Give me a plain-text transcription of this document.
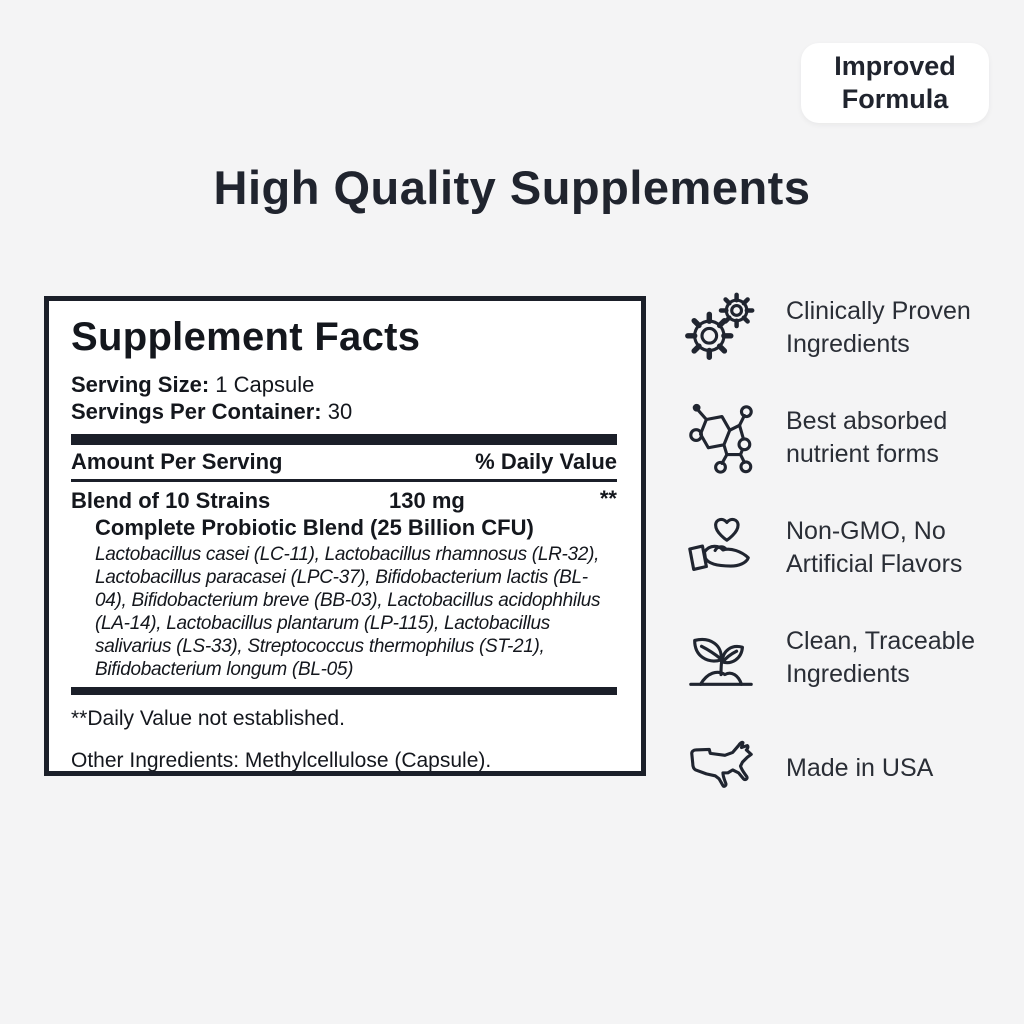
Improved Formula
High Quality Supplements
Supplement Facts
Serving Size: 1 Capsule
Servings Per Container: 30
Amount Per Serving	% Daily Value
Blend of 10 Strains	130 mg	**
Complete Probiotic Blend (25 Billion CFU)
Lactobacillus casei (LC-11), Lactobacillus rhamnosus (LR-32), Lactobacillus paracasei (LPC-37), Bifidobacterium lactis (BL-04), Bifidobacterium breve (BB-03), Lactobacillus acidophhilus (LA-14), Lactobacillus plantarum (LP-115), Lactobacillus salivarius (LS-33), Streptococcus thermophilus (ST-21), Bifidobacterium longum (BL-05)
**Daily Value not established.
Other Ingredients: Methylcellulose (Capsule).
Clinically Proven Ingredients
Best absorbed nutrient forms
Non-GMO, No Artificial Flavors
Clean, Traceable Ingredients
Made in USA
